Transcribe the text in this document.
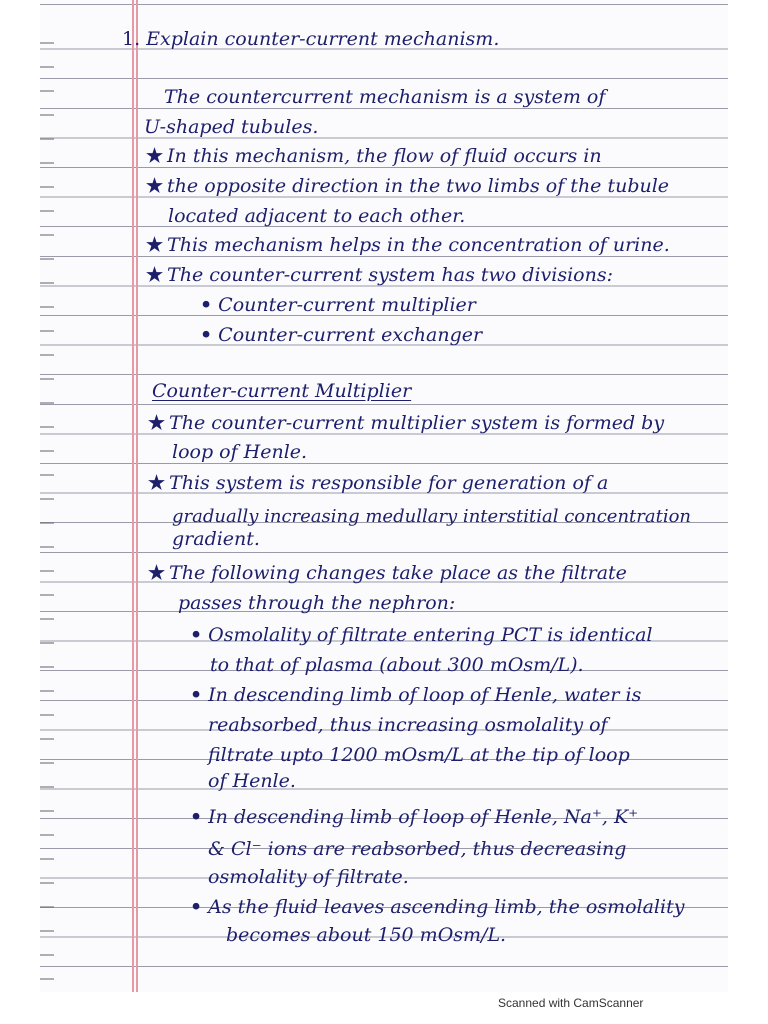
1. Explain counter-current mechanism.
The countercurrent mechanism is a system of
U-shaped tubules.
★ In this mechanism, the flow of fluid occurs in
★ the opposite direction in the two limbs of the tubule
located adjacent to each other.
★ This mechanism helps in the concentration of urine.
★ The counter-current system has two divisions:
• Counter-current multiplier
• Counter-current exchanger
Counter-current Multiplier
★ The counter-current multiplier system is formed by
loop of Henle.
★ This system is responsible for generation of a
gradually increasing medullary interstitial concentration
gradient.
★ The following changes take place as the filtrate
passes through the nephron:
• Osmolality of filtrate entering PCT is identical
to that of plasma (about 300 mOsm/L).
• In descending limb of loop of Henle, water is
reabsorbed, thus increasing osmolality of
filtrate upto 1200 mOsm/L at the tip of loop
of Henle.
• In descending limb of loop of Henle, Na⁺, K⁺
& Cl⁻ ions are reabsorbed, thus decreasing
osmolality of filtrate.
• As the fluid leaves ascending limb, the osmolality
becomes about 150 mOsm/L.
Scanned with CamScanner
